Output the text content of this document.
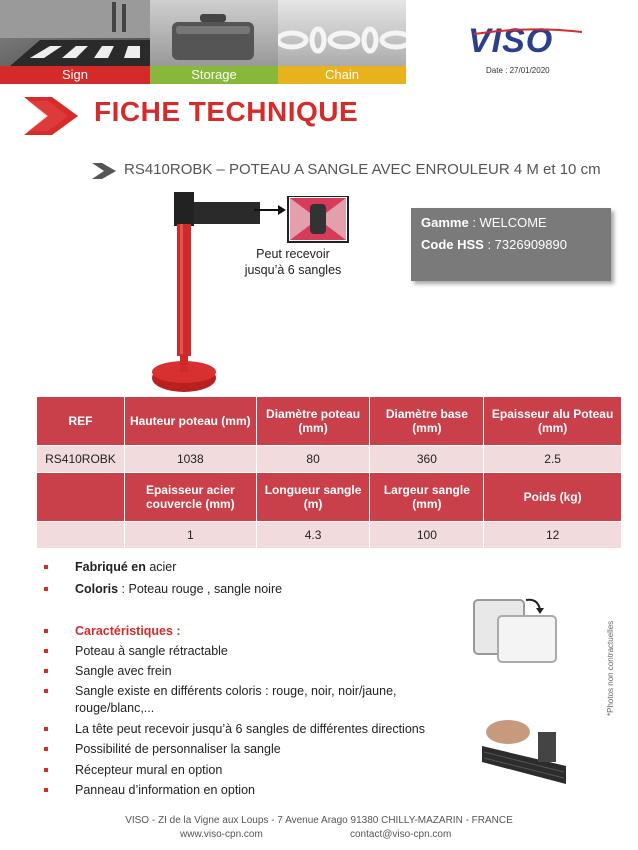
Sign	Storage	Chain
VISO
Date : 27/01/2020
FICHE TECHNIQUE
RS410ROBK – POTEAU A SANGLE AVEC ENROULEUR 4 M et 10 cm
Peut recevoir
jusqu’à 6 sangles
Gamme : WELCOME
Code HSS : 7326909890
REF	Hauteur poteau (mm)	Diamètre poteau (mm)	Diamètre base (mm)	Epaisseur alu Poteau (mm)
RS410ROBK	1038	80	360	2.5
	Epaisseur acier couvercle (mm)	Longueur sangle (m)	Largeur sangle (mm)	Poids (kg)
	1	4.3	100	12
Fabriqué en acier
Coloris : Poteau rouge , sangle noire
Caractéristiques :
Poteau à sangle rétractable
Sangle avec frein
Sangle existe en différents coloris : rouge, noir, noir/jaune,
rouge/blanc,...
La tête peut recevoir jusqu’à 6 sangles de différentes directions
Possibilité de personnaliser la sangle
Récepteur mural en option
Panneau d’information en option
*Photos non contractuelles
VISO - ZI de la Vigne aux Loups - 7 Avenue Arago 91380 CHILLY-MAZARIN - FRANCE
www.viso-cpn.com	contact@viso-cpn.com
